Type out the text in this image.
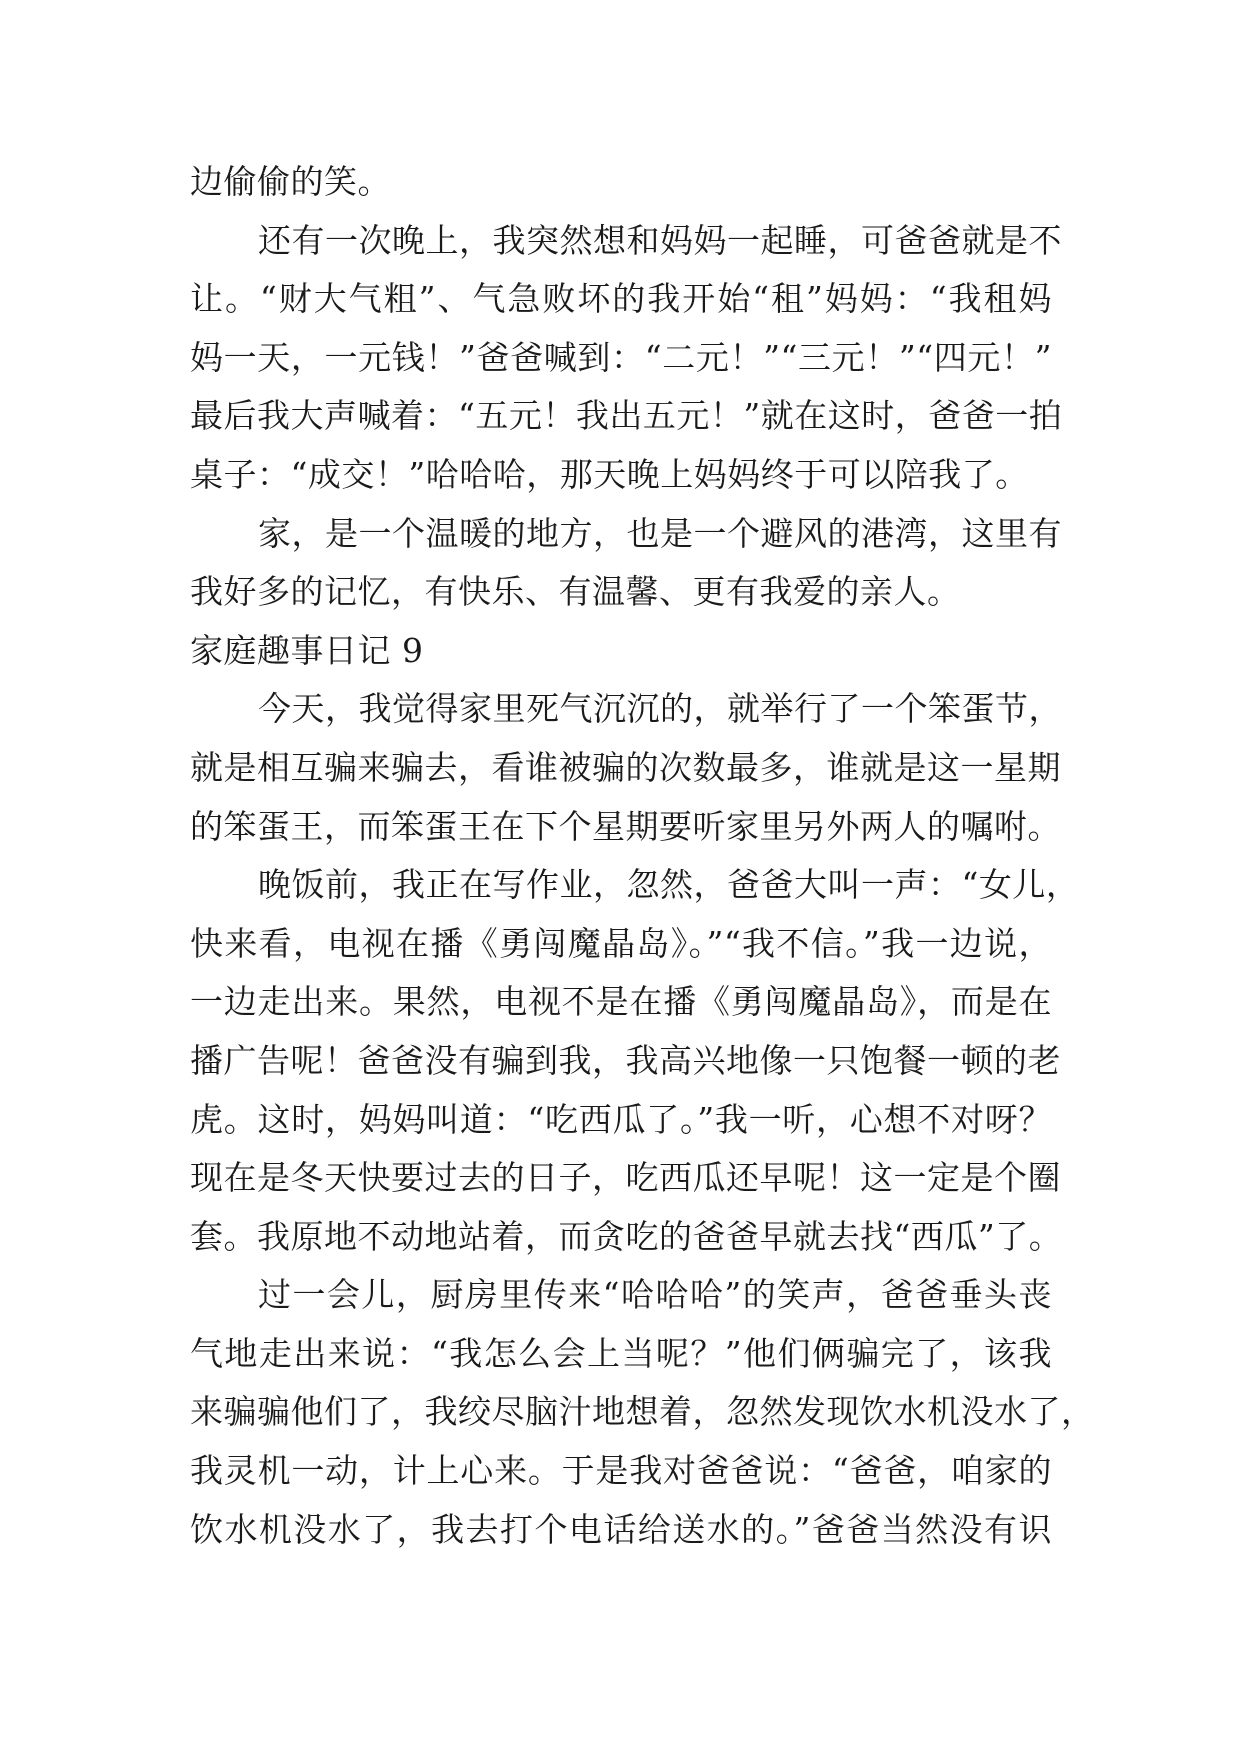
边偷偷的笑。
还有一次晚上，我突然想和妈妈一起睡，可爸爸就是不
让。“财大气粗”、气急败坏的我开始“租”妈妈：“我租妈
妈一天，一元钱！”爸爸喊到：“二元！”“三元！”“四元！”
最后我大声喊着：“五元！我出五元！”就在这时，爸爸一拍
桌子：“成交！”哈哈哈，那天晚上妈妈终于可以陪我了。
家，是一个温暖的地方，也是一个避风的港湾，这里有
我好多的记忆，有快乐、有温馨、更有我爱的亲人。
家庭趣事日记 9
今天，我觉得家里死气沉沉的，就举行了一个笨蛋节，
就是相互骗来骗去，看谁被骗的次数最多，谁就是这一星期
的笨蛋王，而笨蛋王在下个星期要听家里另外两人的嘱咐。
晚饭前，我正在写作业，忽然，爸爸大叫一声：“女儿，
快来看，电视在播《勇闯魔晶岛》。”“我不信。”我一边说，
一边走出来。果然，电视不是在播《勇闯魔晶岛》，而是在
播广告呢！爸爸没有骗到我，我高兴地像一只饱餐一顿的老
虎。这时，妈妈叫道：“吃西瓜了。”我一听，心想不对呀？
现在是冬天快要过去的日子，吃西瓜还早呢！这一定是个圈
套。我原地不动地站着，而贪吃的爸爸早就去找“西瓜”了。
过一会儿，厨房里传来“哈哈哈”的笑声，爸爸垂头丧
气地走出来说：“我怎么会上当呢？”他们俩骗完了，该我
来骗骗他们了，我绞尽脑汁地想着，忽然发现饮水机没水了，
我灵机一动，计上心来。于是我对爸爸说：“爸爸，咱家的
饮水机没水了，我去打个电话给送水的。”爸爸当然没有识
